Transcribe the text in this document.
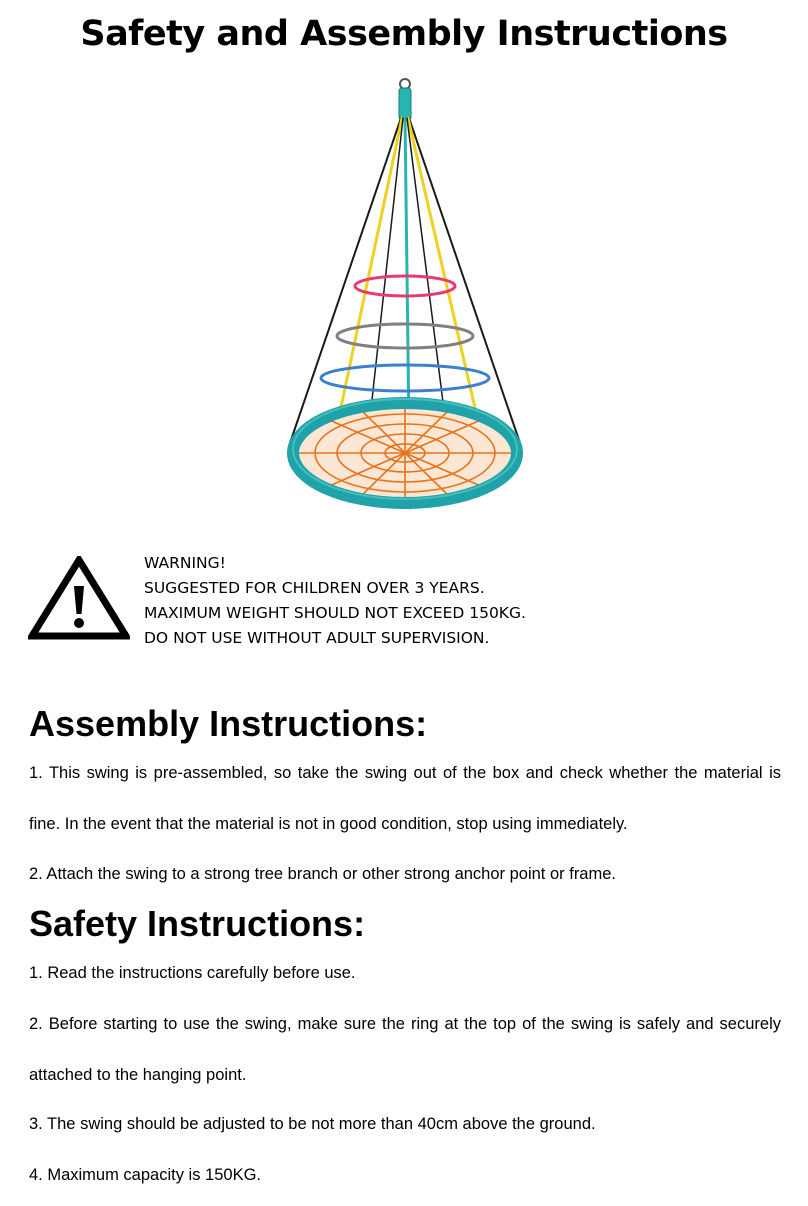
Safety and Assembly Instructions
WARNING!
SUGGESTED FOR CHILDREN OVER 3 YEARS.
MAXIMUM WEIGHT SHOULD NOT EXCEED 150KG.
DO NOT USE WITHOUT ADULT SUPERVISION.
Assembly Instructions:

1. This swing is pre-assembled, so take the swing out of the box and check whether the material is fine. In the event that the material is not in good condition, stop using immediately.

2. Attach the swing to a strong tree branch or other strong anchor point or frame.

Safety Instructions:

1. Read the instructions carefully before use.

2. Before starting to use the swing, make sure the ring at the top of the swing is safely and securely attached to the hanging point.

3. The swing should be adjusted to be not more than 40cm above the ground.

4. Maximum capacity is 150KG.
